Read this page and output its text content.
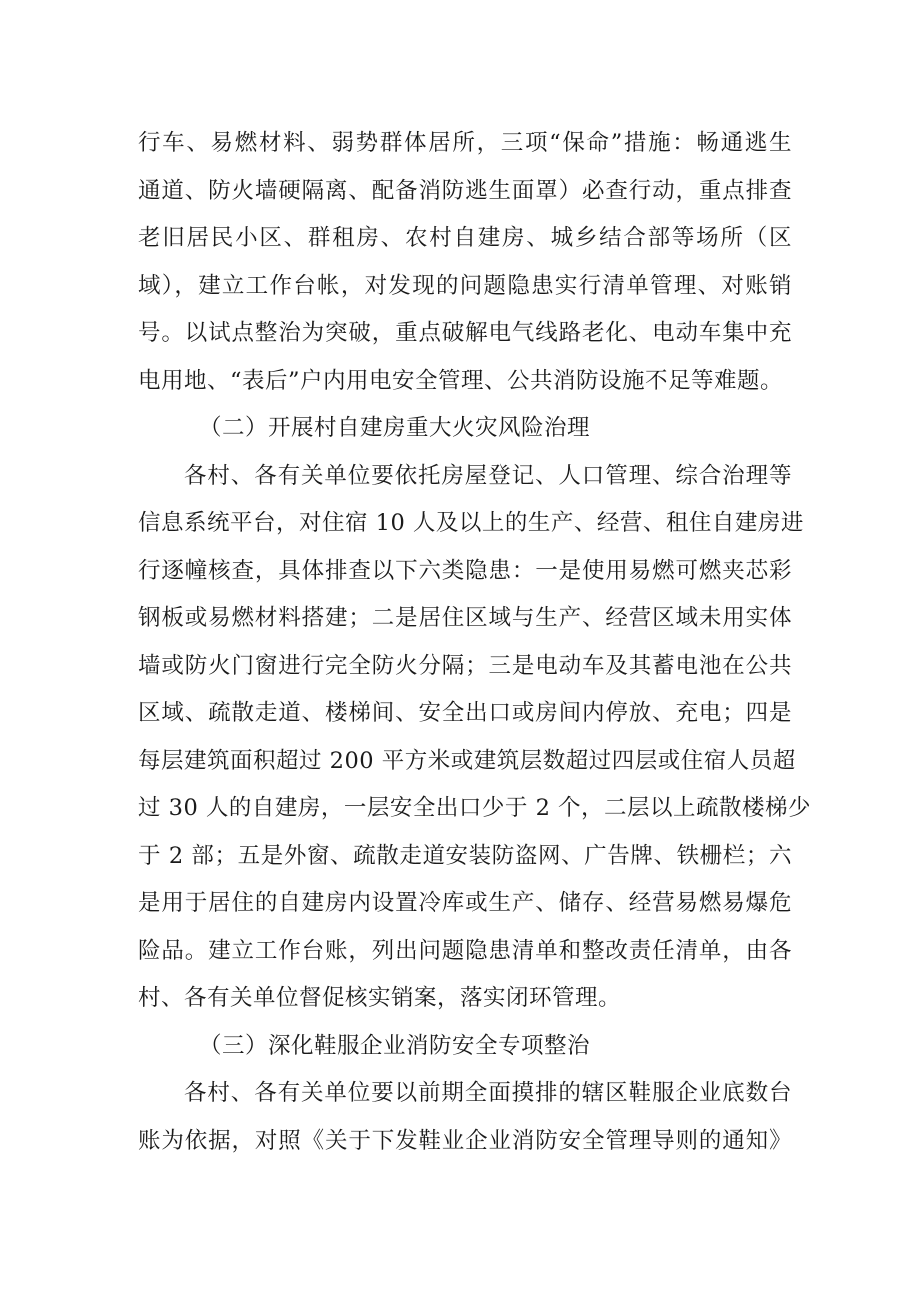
行车、易燃材料、弱势群体居所，三项“保命”措施：畅通逃生
通道、防火墙硬隔离、配备消防逃生面罩）必查行动，重点排查
老旧居民小区、群租房、农村自建房、城乡结合部等场所（区
域），建立工作台帐，对发现的问题隐患实行清单管理、对账销
号。以试点整治为突破，重点破解电气线路老化、电动车集中充
电用地、“表后”户内用电安全管理、公共消防设施不足等难题。
（二）开展村自建房重大火灾风险治理
各村、各有关单位要依托房屋登记、人口管理、综合治理等
信息系统平台，对住宿 10 人及以上的生产、经营、租住自建房进
行逐幢核查，具体排查以下六类隐患：一是使用易燃可燃夹芯彩
钢板或易燃材料搭建；二是居住区域与生产、经营区域未用实体
墙或防火门窗进行完全防火分隔；三是电动车及其蓄电池在公共
区域、疏散走道、楼梯间、安全出口或房间内停放、充电；四是
每层建筑面积超过 200 平方米或建筑层数超过四层或住宿人员超
过 30 人的自建房，一层安全出口少于 2 个，二层以上疏散楼梯少
于 2 部；五是外窗、疏散走道安装防盗网、广告牌、铁栅栏；六
是用于居住的自建房内设置冷库或生产、储存、经营易燃易爆危
险品。建立工作台账，列出问题隐患清单和整改责任清单，由各
村、各有关单位督促核实销案，落实闭环管理。
（三）深化鞋服企业消防安全专项整治
各村、各有关单位要以前期全面摸排的辖区鞋服企业底数台
账为依据，对照《关于下发鞋业企业消防安全管理导则的通知》
